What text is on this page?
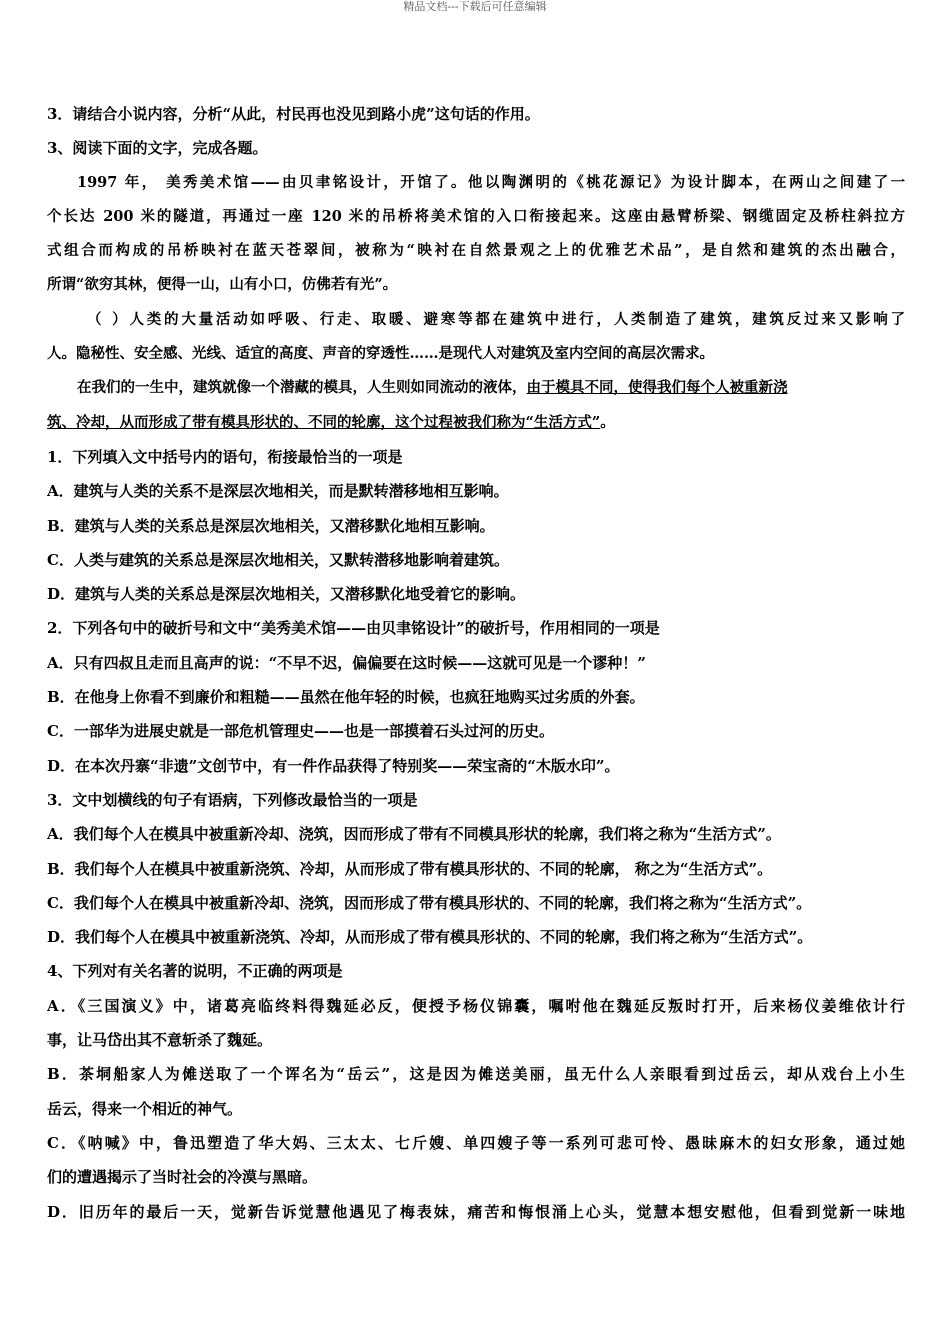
精品文档---下载后可任意编辑
3．请结合小说内容，分析“从此，村民再也没见到路小虎”这句话的作用。
3、阅读下面的文字，完成各题。
1997 年， 美秀美术馆——由贝聿铭设计，开馆了。他以陶渊明的《桃花源记》为设计脚本，在两山之间建了一
个长达 200 米的隧道，再通过一座 120 米的吊桥将美术馆的入口衔接起来。这座由悬臂桥梁、钢缆固定及桥柱斜拉方
式组合而构成的吊桥映衬在蓝天苍翠间，被称为“映衬在自然景观之上的优雅艺术品”，是自然和建筑的杰出融合，
所谓“欲穷其林，便得一山，山有小口，仿佛若有光”。
（ ）人类的大量活动如呼吸、行走、取暖、避寒等都在建筑中进行，人类制造了建筑，建筑反过来又影响了
人。隐秘性、安全感、光线、适宜的高度、声音的穿透性……是现代人对建筑及室内空间的高层次需求。
在我们的一生中，建筑就像一个潜藏的模具，人生则如同流动的液体，由于模具不同，使得我们每个人被重新浇
筑、冷却，从而形成了带有模具形状的、不同的轮廓，这个过程被我们称为“生活方式”。
1．下列填入文中括号内的语句，衔接最恰当的一项是
A．建筑与人类的关系不是深层次地相关，而是默转潜移地相互影响。
B．建筑与人类的关系总是深层次地相关，又潜移默化地相互影响。
C．人类与建筑的关系总是深层次地相关，又默转潜移地影响着建筑。
D．建筑与人类的关系总是深层次地相关，又潜移默化地受着它的影响。
2．下列各句中的破折号和文中“美秀美术馆——由贝聿铭设计”的破折号，作用相同的一项是
A．只有四叔且走而且高声的说：“不早不迟，偏偏要在这时候——这就可见是一个谬种！”
B．在他身上你看不到廉价和粗糙——虽然在他年轻的时候，也疯狂地购买过劣质的外套。
C．一部华为进展史就是一部危机管理史——也是一部摸着石头过河的历史。
D．在本次丹寨“非遗”文创节中，有一件作品获得了特别奖——荣宝斋的“木版水印”。
3．文中划横线的句子有语病，下列修改最恰当的一项是
A．我们每个人在模具中被重新冷却、浇筑，因而形成了带有不同模具形状的轮廓，我们将之称为“生活方式”。
B．我们每个人在模具中被重新浇筑、冷却，从而形成了带有模具形状的、不同的轮廓， 称之为“生活方式”。
C．我们每个人在模具中被重新冷却、浇筑，因而形成了带有模具形状的、不同的轮廓，我们将之称为“生活方式”。
D．我们每个人在模具中被重新浇筑、冷却，从而形成了带有模具形状的、不同的轮廓，我们将之称为“生活方式”。
4、下列对有关名著的说明，不正确的两项是
A．《三国演义》中，诸葛亮临终料得魏延必反，便授予杨仪锦囊，嘱咐他在魏延反叛时打开，后来杨仪姜维依计行
事，让马岱出其不意斩杀了魏延。
B．茶垌船家人为傩送取了一个诨名为“岳云”，这是因为傩送美丽，虽无什么人亲眼看到过岳云，却从戏台上小生
岳云，得来一个相近的神气。
C．《呐喊》中，鲁迅塑造了华大妈、三太太、七斤嫂、单四嫂子等一系列可悲可怜、愚昧麻木的妇女形象，通过她
们的遭遇揭示了当时社会的冷漠与黑暗。
D．旧历年的最后一天，觉新告诉觉慧他遇见了梅表妹，痛苦和悔恨涌上心头，觉慧本想安慰他，但看到觉新一味地
